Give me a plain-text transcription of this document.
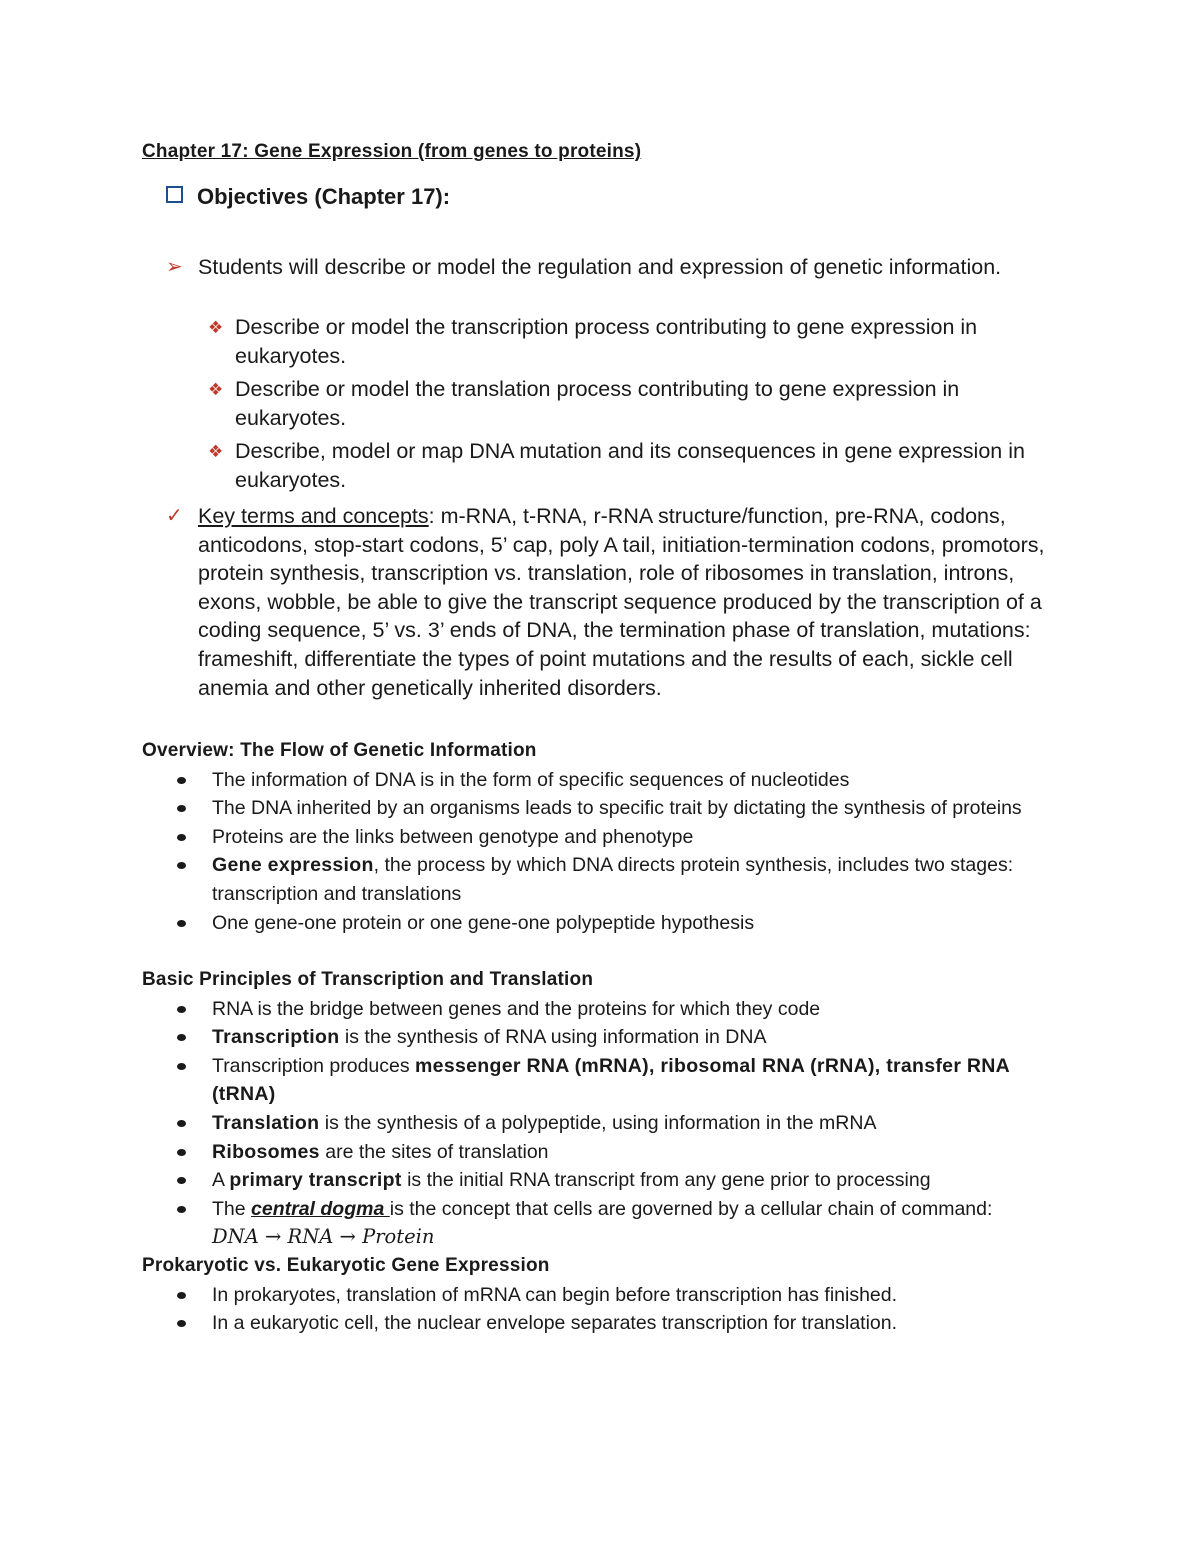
Chapter 17: Gene Expression (from genes to proteins)
Objectives (Chapter 17):
➢ Students will describe or model the regulation and expression of genetic information.
❖ Describe or model the transcription process contributing to gene expression in eukaryotes.
❖ Describe or model the translation process contributing to gene expression in eukaryotes.
❖ Describe, model or map DNA mutation and its consequences in gene expression in eukaryotes.
✓ Key terms and concepts: m-RNA, t-RNA, r-RNA structure/function, pre-RNA, codons, anticodons, stop-start codons, 5’ cap, poly A tail, initiation-termination codons, promotors, protein synthesis, transcription vs. translation, role of ribosomes in translation, introns, exons, wobble, be able to give the transcript sequence produced by the transcription of a coding sequence, 5’ vs. 3’ ends of DNA, the termination phase of translation, mutations: frameshift, differentiate the types of point mutations and the results of each, sickle cell anemia and other genetically inherited disorders.
Overview: The Flow of Genetic Information
The information of DNA is in the form of specific sequences of nucleotides
The DNA inherited by an organisms leads to specific trait by dictating the synthesis of proteins
Proteins are the links between genotype and phenotype
Gene expression, the process by which DNA directs protein synthesis, includes two stages: transcription and translations
One gene-one protein or one gene-one polypeptide hypothesis
Basic Principles of Transcription and Translation
RNA is the bridge between genes and the proteins for which they code
Transcription is the synthesis of RNA using information in DNA
Transcription produces messenger RNA (mRNA), ribosomal RNA (rRNA), transfer RNA (tRNA)
Translation is the synthesis of a polypeptide, using information in the mRNA
Ribosomes are the sites of translation
A primary transcript is the initial RNA transcript from any gene prior to processing
The central dogma is the concept that cells are governed by a cellular chain of command: DNA → RNA → Protein
Prokaryotic vs. Eukaryotic Gene Expression
In prokaryotes, translation of mRNA can begin before transcription has finished.
In a eukaryotic cell, the nuclear envelope separates transcription for translation.
